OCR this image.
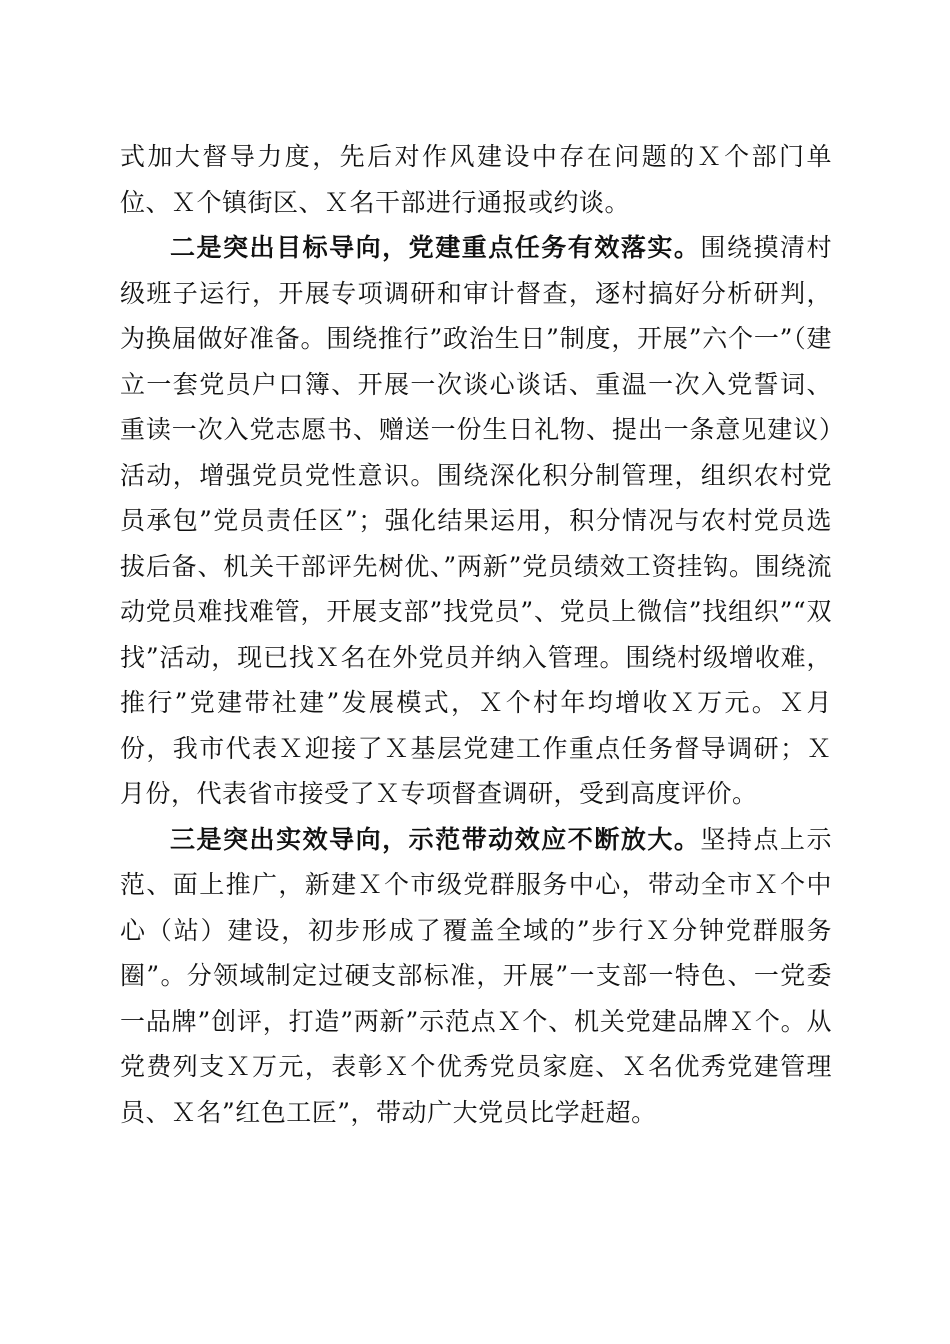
式加大督导力度，先后对作风建设中存在问题的Ｘ个部门单位、Ｘ个镇街区、Ｘ名干部进行通报或约谈。

二是突出目标导向，党建重点任务有效落实。围绕摸清村级班子运行，开展专项调研和审计督查，逐村搞好分析研判，为换届做好准备。围绕推行”政治生日”制度，开展”六个一”（建立一套党员户口簿、开展一次谈心谈话、重温一次入党誓词、重读一次入党志愿书、赠送一份生日礼物、提出一条意见建议）活动，增强党员党性意识。围绕深化积分制管理，组织农村党员承包”党员责任区”；强化结果运用，积分情况与农村党员选拔后备、机关干部评先树优、”两新”党员绩效工资挂钩。围绕流动党员难找难管，开展支部”找党员”、党员上微信”找组织”“双找”活动，现已找Ｘ名在外党员并纳入管理。围绕村级增收难，推行”党建带社建”发展模式，Ｘ个村年均增收Ｘ万元。Ｘ月份，我市代表Ｘ迎接了Ｘ基层党建工作重点任务督导调研；Ｘ月份，代表省市接受了Ｘ专项督查调研，受到高度评价。

三是突出实效导向，示范带动效应不断放大。坚持点上示范、面上推广，新建Ｘ个市级党群服务中心，带动全市Ｘ个中心（站）建设，初步形成了覆盖全域的”步行Ｘ分钟党群服务圈”。分领域制定过硬支部标准，开展”一支部一特色、一党委一品牌”创评，打造”两新”示范点Ｘ个、机关党建品牌Ｘ个。从党费列支Ｘ万元，表彰Ｘ个优秀党员家庭、Ｘ名优秀党建管理员、Ｘ名”红色工匠”，带动广大党员比学赶超。
